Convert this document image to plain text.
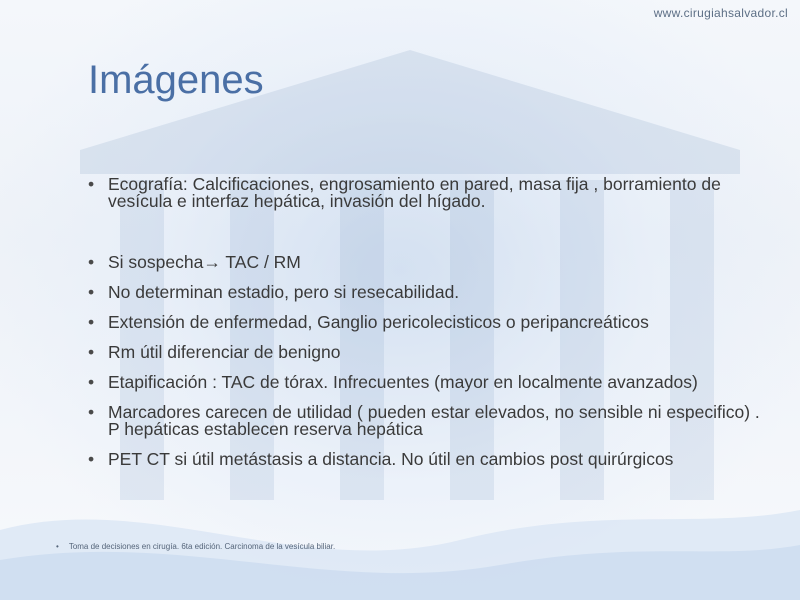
www.cirugiahsalvador.cl
Imágenes
• Ecografía: Calcificaciones, engrosamiento en pared, masa fija , borramiento de vesícula e interfaz hepática, invasión del hígado.
• Si sospecha→ TAC / RM
• No determinan estadio, pero si resecabilidad.
• Extensión de enfermedad, Ganglio pericolecisticos o peripancreáticos
• Rm útil diferenciar de benigno
• Etapificación : TAC de tórax. Infrecuentes (mayor en localmente avanzados)
• Marcadores carecen de utilidad ( pueden estar elevados, no sensible ni especifico) . P hepáticas establecen reserva hepática
• PET CT si útil metástasis a distancia. No útil en cambios post quirúrgicos
• Toma de decisiones en cirugía. 6ta edición. Carcinoma de la vesícula biliar.
